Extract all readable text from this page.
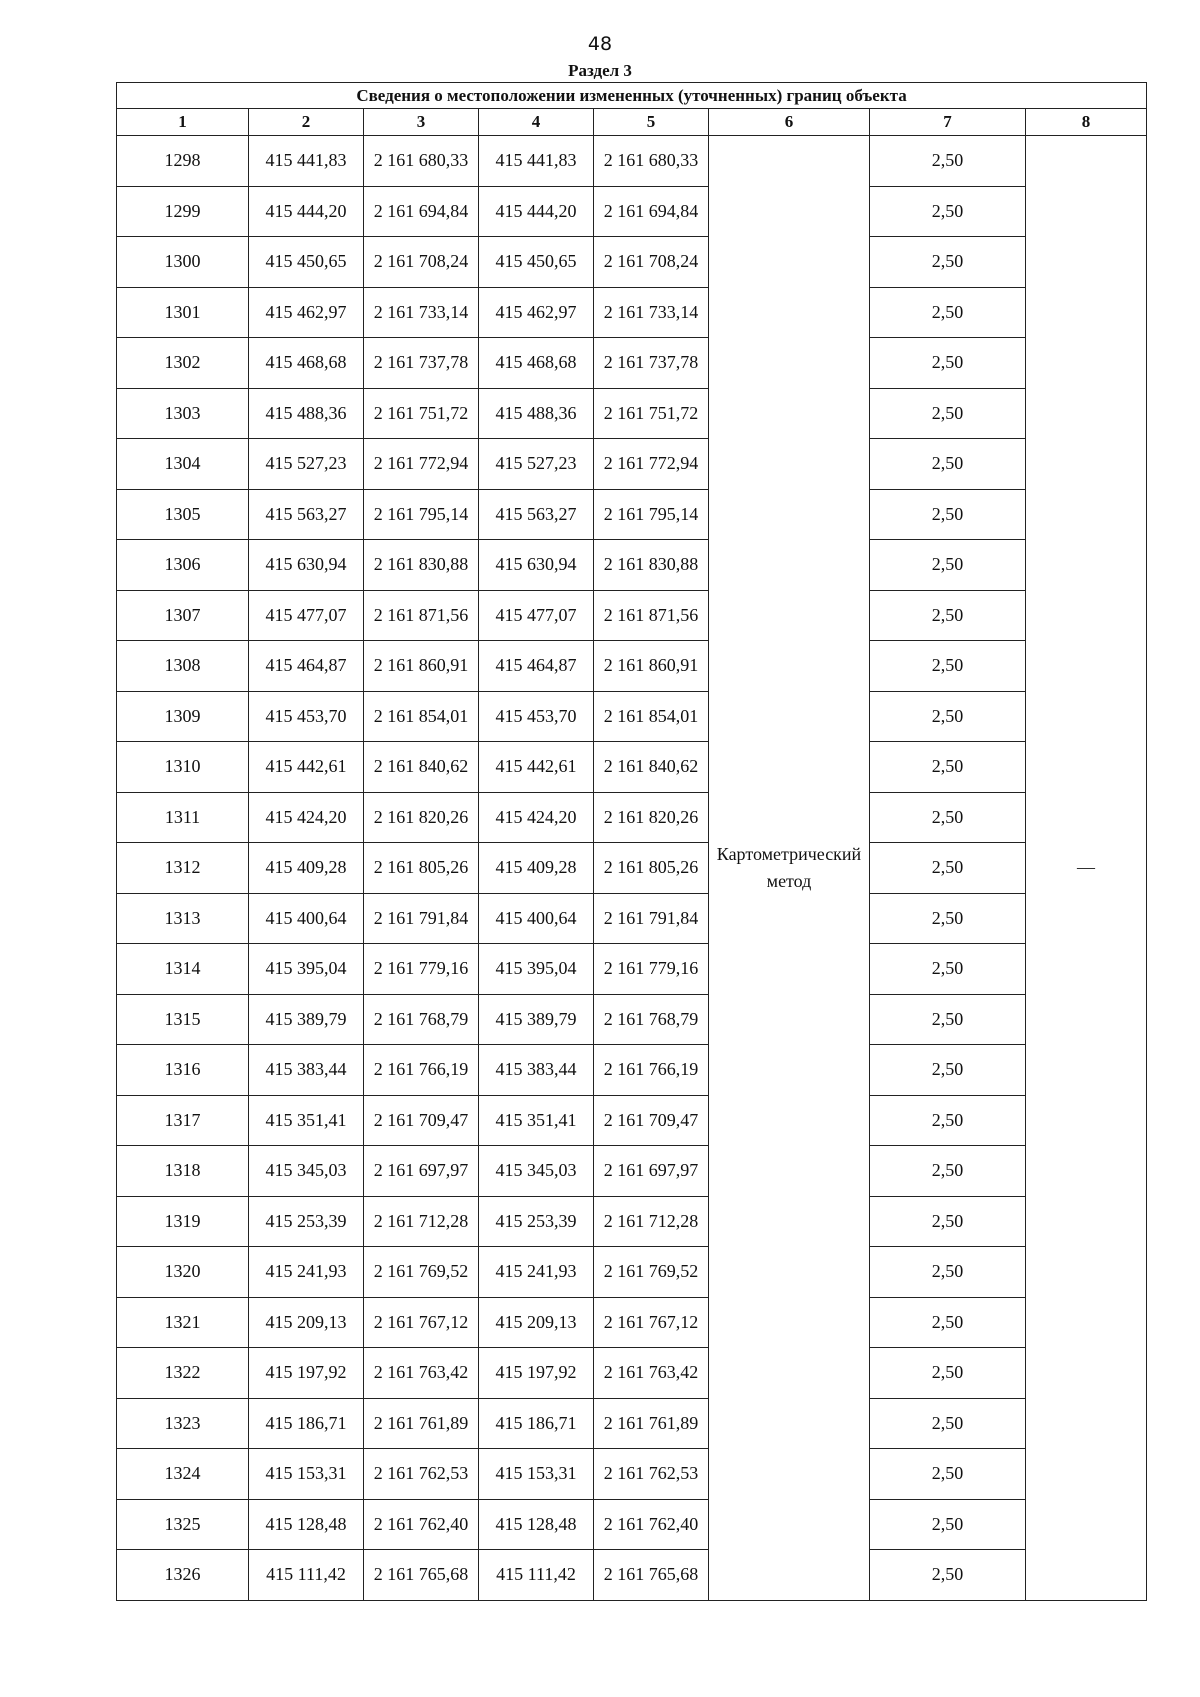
48
Раздел 3
Сведения о местоположении измененных (уточненных) границ объекта							
1	2	3	4	5	6	7	8
1298	415 441,83	2 161 680,33	415 441,83	2 161 680,33	Картометрический метод	2,50	—
1299	415 444,20	2 161 694,84	415 444,20	2 161 694,84		2,50	
1300	415 450,65	2 161 708,24	415 450,65	2 161 708,24		2,50	
1301	415 462,97	2 161 733,14	415 462,97	2 161 733,14		2,50	
1302	415 468,68	2 161 737,78	415 468,68	2 161 737,78		2,50	
1303	415 488,36	2 161 751,72	415 488,36	2 161 751,72		2,50	
1304	415 527,23	2 161 772,94	415 527,23	2 161 772,94		2,50	
1305	415 563,27	2 161 795,14	415 563,27	2 161 795,14		2,50	
1306	415 630,94	2 161 830,88	415 630,94	2 161 830,88		2,50	
1307	415 477,07	2 161 871,56	415 477,07	2 161 871,56		2,50	
1308	415 464,87	2 161 860,91	415 464,87	2 161 860,91		2,50	
1309	415 453,70	2 161 854,01	415 453,70	2 161 854,01		2,50	
1310	415 442,61	2 161 840,62	415 442,61	2 161 840,62		2,50	
1311	415 424,20	2 161 820,26	415 424,20	2 161 820,26		2,50	
1312	415 409,28	2 161 805,26	415 409,28	2 161 805,26		2,50	
1313	415 400,64	2 161 791,84	415 400,64	2 161 791,84		2,50	
1314	415 395,04	2 161 779,16	415 395,04	2 161 779,16		2,50	
1315	415 389,79	2 161 768,79	415 389,79	2 161 768,79		2,50	
1316	415 383,44	2 161 766,19	415 383,44	2 161 766,19		2,50	
1317	415 351,41	2 161 709,47	415 351,41	2 161 709,47		2,50	
1318	415 345,03	2 161 697,97	415 345,03	2 161 697,97		2,50	
1319	415 253,39	2 161 712,28	415 253,39	2 161 712,28		2,50	
1320	415 241,93	2 161 769,52	415 241,93	2 161 769,52		2,50	
1321	415 209,13	2 161 767,12	415 209,13	2 161 767,12		2,50	
1322	415 197,92	2 161 763,42	415 197,92	2 161 763,42		2,50	
1323	415 186,71	2 161 761,89	415 186,71	2 161 761,89		2,50	
1324	415 153,31	2 161 762,53	415 153,31	2 161 762,53		2,50	
1325	415 128,48	2 161 762,40	415 128,48	2 161 762,40		2,50	
1326	415 111,42	2 161 765,68	415 111,42	2 161 765,68		2,50	
